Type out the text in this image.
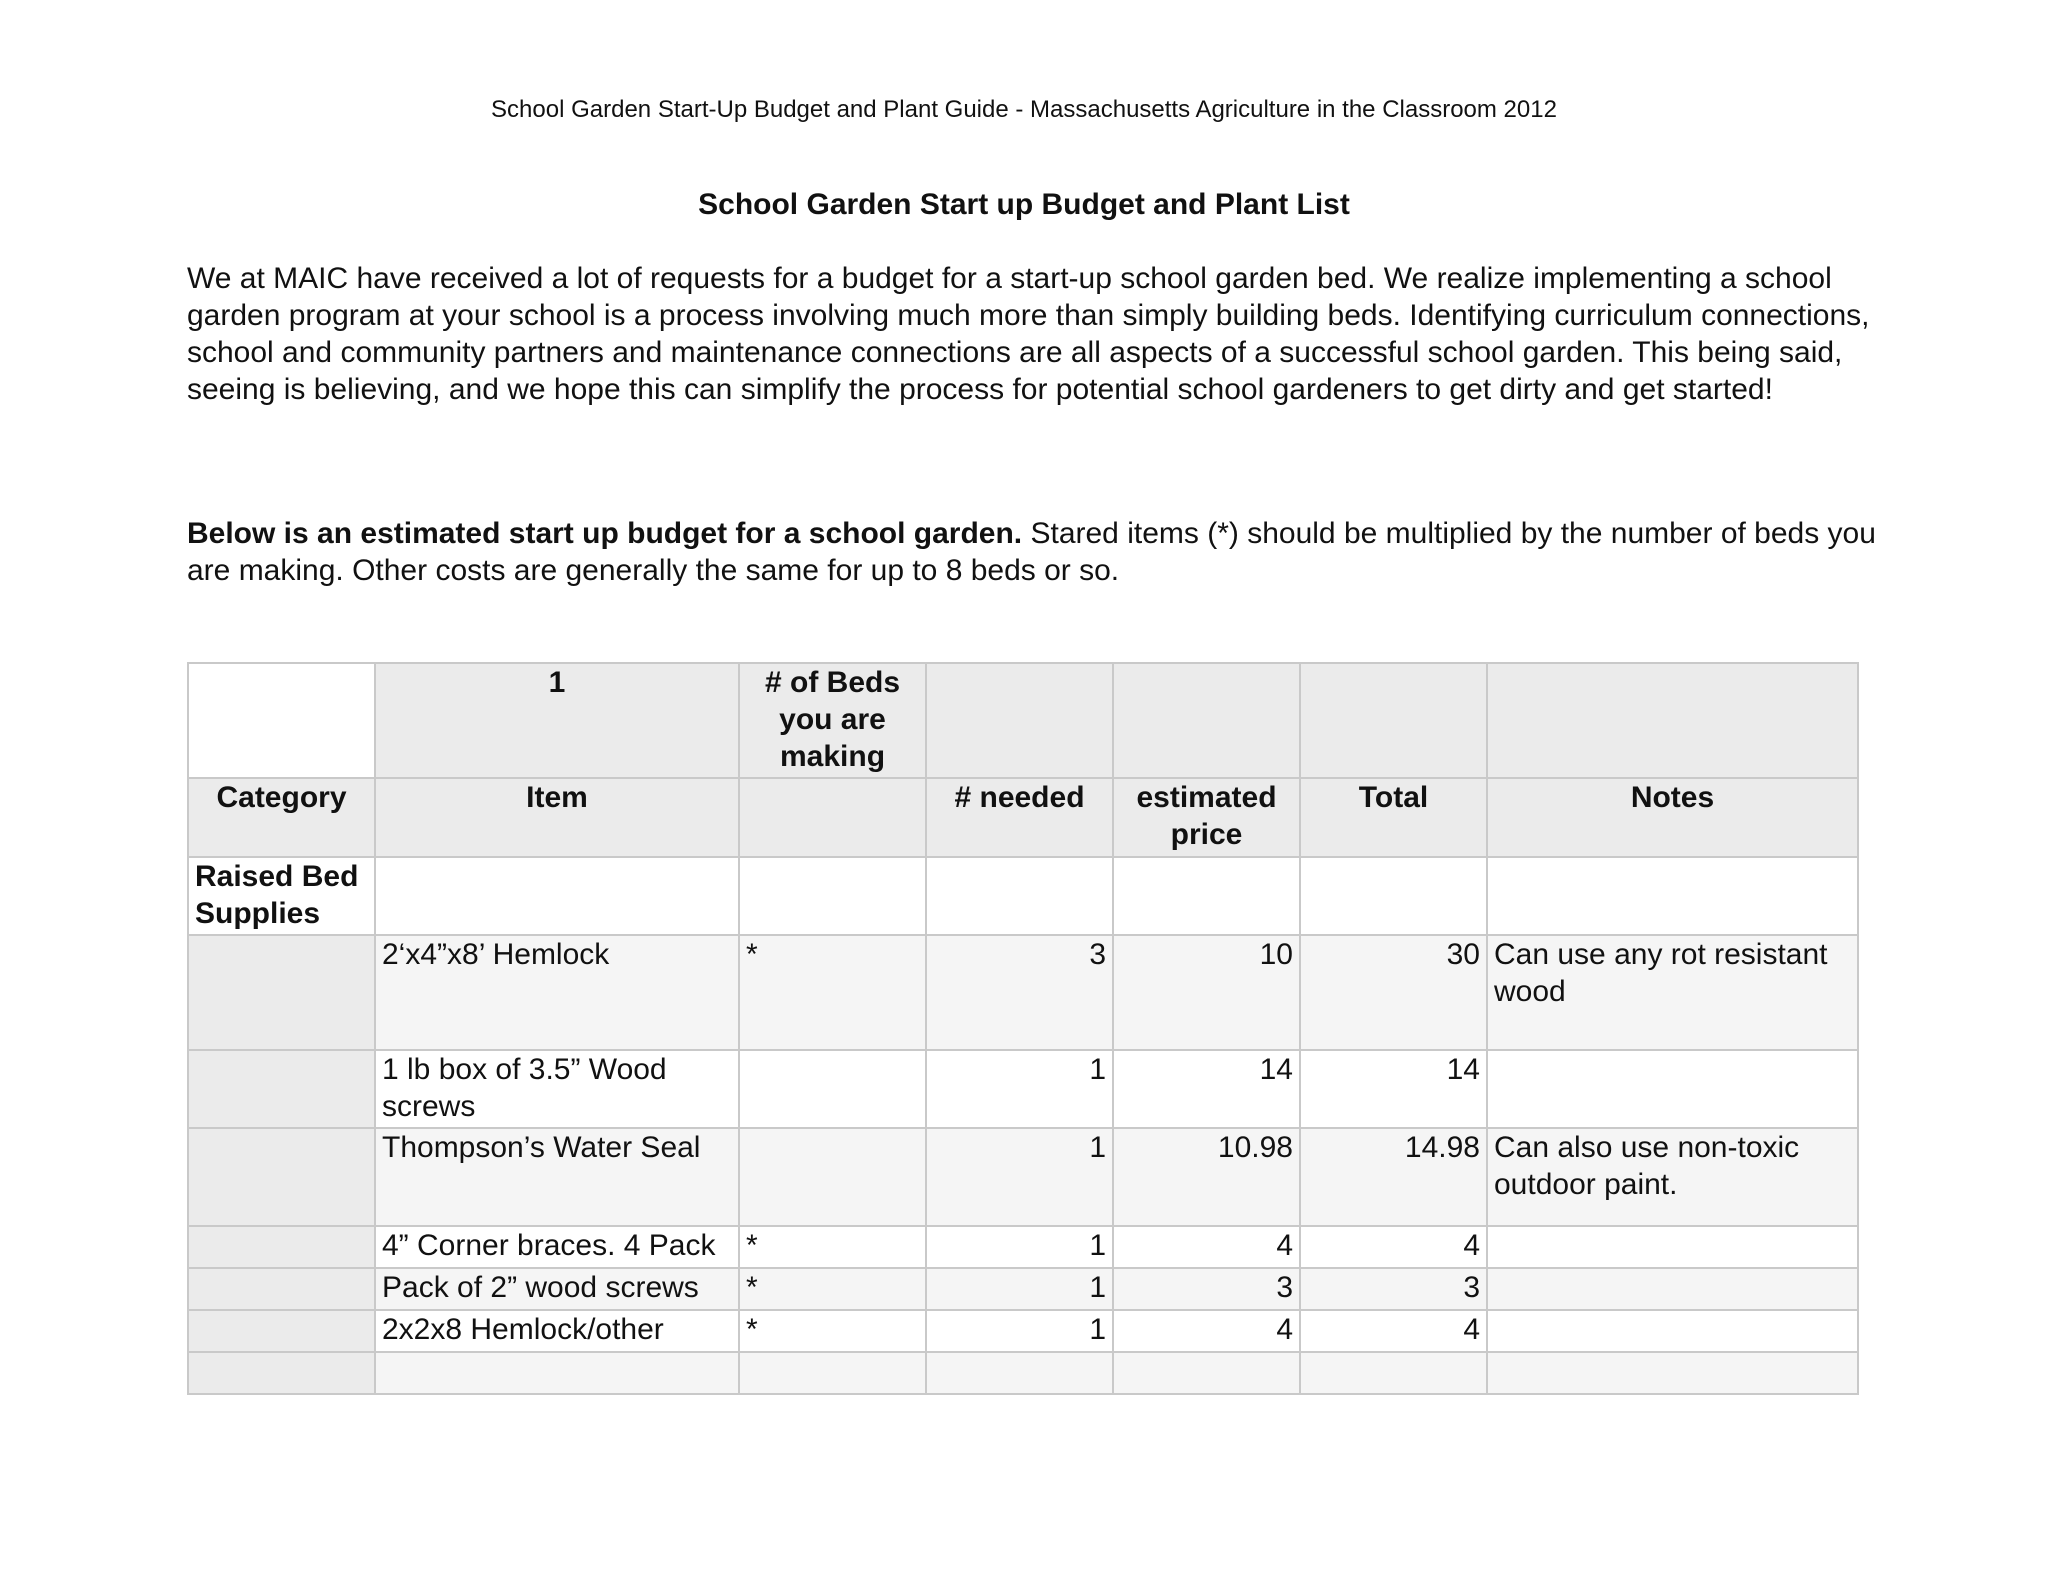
School Garden Start-Up Budget and Plant Guide - Massachusetts Agriculture in the Classroom 2012
School Garden Start up Budget and Plant List

We at MAIC have received a lot of requests for a budget for a start-up school garden bed. We realize implementing a school garden program at your school is a process involving much more than simply building beds. Identifying curriculum connections, school and community partners and maintenance connections are all aspects of a successful school garden. This being said, seeing is believing, and we hope this can simplify the process for potential school gardeners to get dirty and get started!

Below is an estimated start up budget for a school garden. Stared items (*) should be multiplied by the number of beds you are making. Other costs are generally the same for up to 8 beds or so.

	1	# of Beds you are making				
Category	Item		# needed	estimated price	Total	Notes
Raised Bed Supplies						
	2‘x4”x8’ Hemlock	*	3	10	30	Can use any rot resistant wood
	1 lb box of 3.5” Wood screws		1	14	14	
	Thompson’s Water Seal		1	10.98	14.98	Can also use non-toxic outdoor paint.
	4” Corner braces. 4 Pack	*	1	4	4	
	Pack of 2” wood screws	*	1	3	3	
	2x2x8 Hemlock/other	*	1	4	4	
